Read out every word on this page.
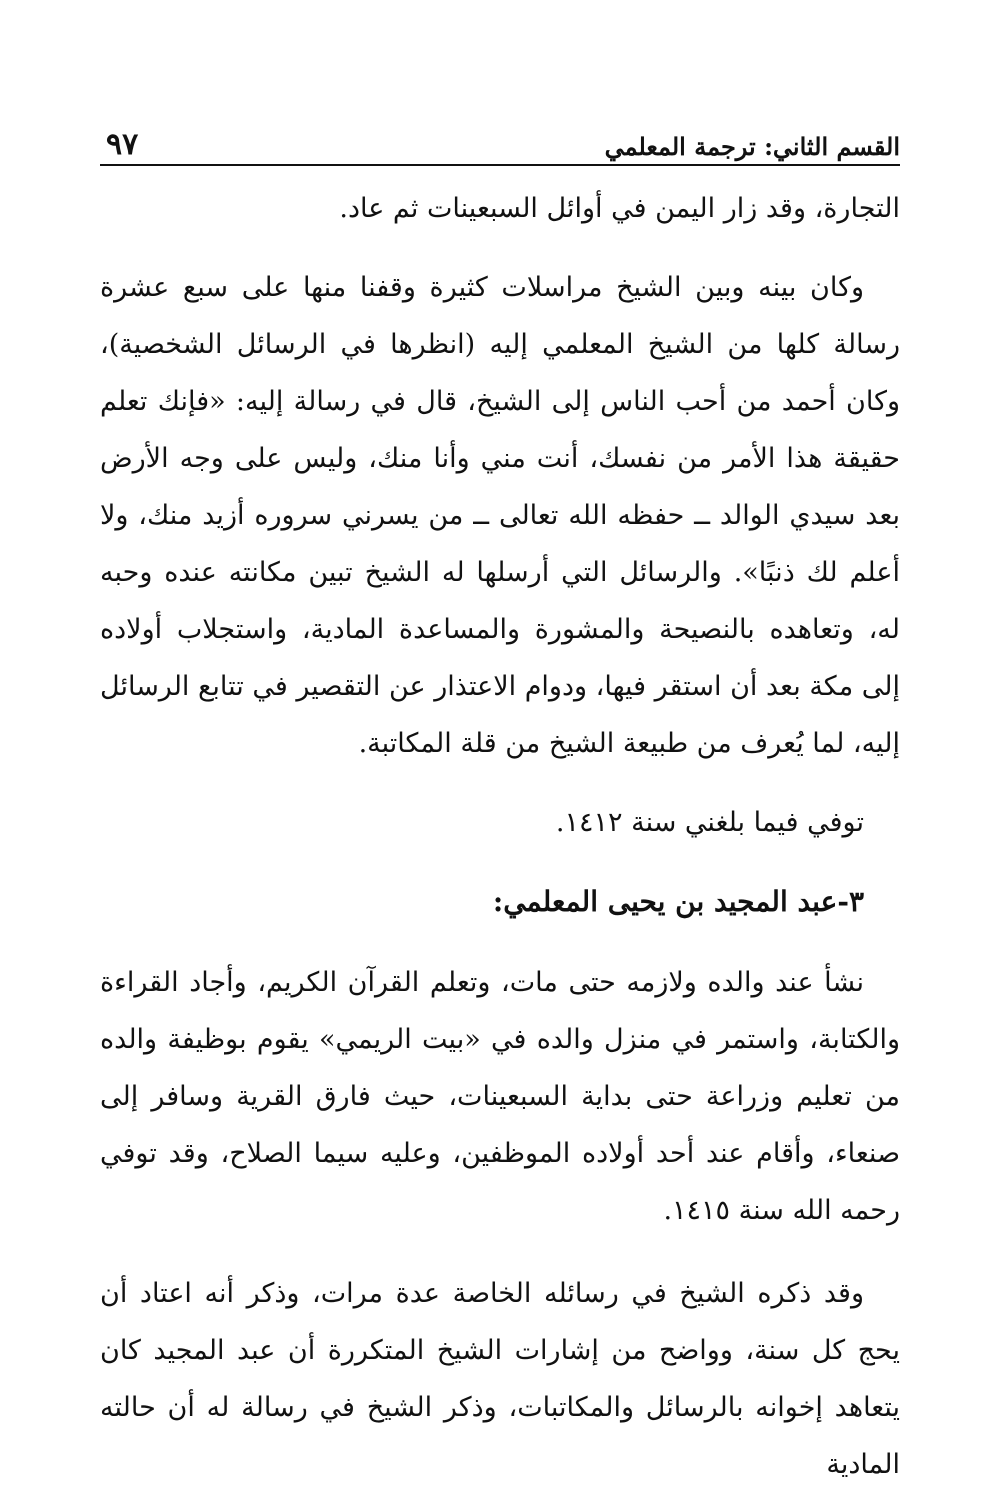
القسم الثاني: ترجمة المعلمي
٩٧

التجارة، وقد زار اليمن في أوائل السبعينات ثم عاد.

وكان بينه وبين الشيخ مراسلات كثيرة وقفنا منها على سبع عشرة رسالة كلها من الشيخ المعلمي إليه (انظرها في الرسائل الشخصية)، وكان أحمد من أحب الناس إلى الشيخ، قال في رسالة إليه: «فإنك تعلم حقيقة هذا الأمر من نفسك، أنت مني وأنا منك، وليس على وجه الأرض بعد سيدي الوالد ــ حفظه الله تعالى ــ من يسرني سروره أزيد منك، ولا أعلم لك ذنبًا». والرسائل التي أرسلها له الشيخ تبين مكانته عنده وحبه له، وتعاهده بالنصيحة والمشورة والمساعدة المادية، واستجلاب أولاده إلى مكة بعد أن استقر فيها، ودوام الاعتذار عن التقصير في تتابع الرسائل إليه، لما يُعرف من طبيعة الشيخ من قلة المكاتبة.

توفي فيما بلغني سنة ١٤١٢.

٣-عبد المجيد بن يحيى المعلمي:

نشأ عند والده ولازمه حتى مات، وتعلم القرآن الكريم، وأجاد القراءة والكتابة، واستمر في منزل والده في «بيت الريمي» يقوم بوظيفة والده من تعليم وزراعة حتى بداية السبعينات، حيث فارق القرية وسافر إلى صنعاء، وأقام عند أحد أولاده الموظفين، وعليه سيما الصلاح، وقد توفي رحمه الله سنة ١٤١٥.

وقد ذكره الشيخ في رسائله الخاصة عدة مرات، وذكر أنه اعتاد أن يحج كل سنة، وواضح من إشارات الشيخ المتكررة أن عبد المجيد كان يتعاهد إخوانه بالرسائل والمكاتبات، وذكر الشيخ في رسالة له أن حالته المادية
